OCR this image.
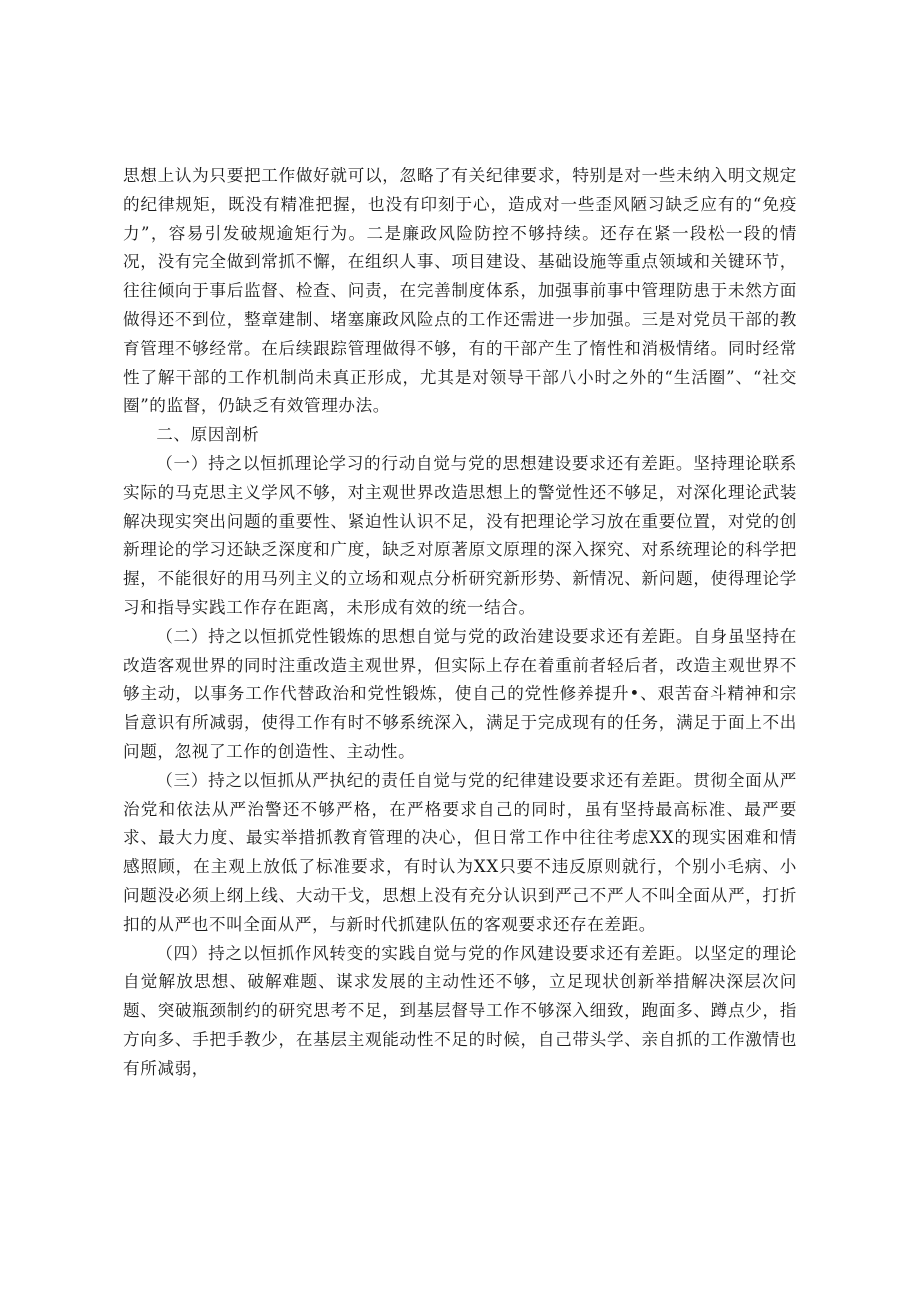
思想上认为只要把工作做好就可以，忽略了有关纪律要求，特别是对一些未纳入明文规定的纪律规矩，既没有精准把握，也没有印刻于心，造成对一些歪风陋习缺乏应有的“免疫力”，容易引发破规逾矩行为。二是廉政风险防控不够持续。还存在紧一段松一段的情况，没有完全做到常抓不懈，在组织人事、项目建设、基础设施等重点领域和关键环节，往往倾向于事后监督、检查、问责，在完善制度体系，加强事前事中管理防患于未然方面做得还不到位，整章建制、堵塞廉政风险点的工作还需进一步加强。三是对党员干部的教育管理不够经常。在后续跟踪管理做得不够，有的干部产生了惰性和消极情绪。同时经常性了解干部的工作机制尚未真正形成，尤其是对领导干部八小时之外的“生活圈”、“社交圈”的监督，仍缺乏有效管理办法。

二、原因剖析

（一）持之以恒抓理论学习的行动自觉与党的思想建设要求还有差距。坚持理论联系实际的马克思主义学风不够，对主观世界改造思想上的警觉性还不够足，对深化理论武装解决现实突出问题的重要性、紧迫性认识不足，没有把理论学习放在重要位置，对党的创新理论的学习还缺乏深度和广度，缺乏对原著原文原理的深入探究、对系统理论的科学把握，不能很好的用马列主义的立场和观点分析研究新形势、新情况、新问题，使得理论学习和指导实践工作存在距离，未形成有效的统一结合。

（二）持之以恒抓党性锻炼的思想自觉与党的政治建设要求还有差距。自身虽坚持在改造客观世界的同时注重改造主观世界，但实际上存在着重前者轻后者，改造主观世界不够主动，以事务工作代替政治和党性锻炼，使自己的党性修养提升•、艰苦奋斗精神和宗旨意识有所减弱，使得工作有时不够系统深入，满足于完成现有的任务，满足于面上不出问题，忽视了工作的创造性、主动性。

（三）持之以恒抓从严执纪的责任自觉与党的纪律建设要求还有差距。贯彻全面从严治党和依法从严治警还不够严格，在严格要求自己的同时，虽有坚持最高标准、最严要求、最大力度、最实举措抓教育管理的决心，但日常工作中往往考虑XX的现实困难和情感照顾，在主观上放低了标准要求，有时认为XX只要不违反原则就行，个别小毛病、小问题没必须上纲上线、大动干戈，思想上没有充分认识到严己不严人不叫全面从严，打折扣的从严也不叫全面从严，与新时代抓建队伍的客观要求还存在差距。

（四）持之以恒抓作风转变的实践自觉与党的作风建设要求还有差距。以坚定的理论自觉解放思想、破解难题、谋求发展的主动性还不够，立足现状创新举措解决深层次问题、突破瓶颈制约的研究思考不足，到基层督导工作不够深入细致，跑面多、蹲点少，指方向多、手把手教少，在基层主观能动性不足的时候，自己带头学、亲自抓的工作激情也有所减弱，
